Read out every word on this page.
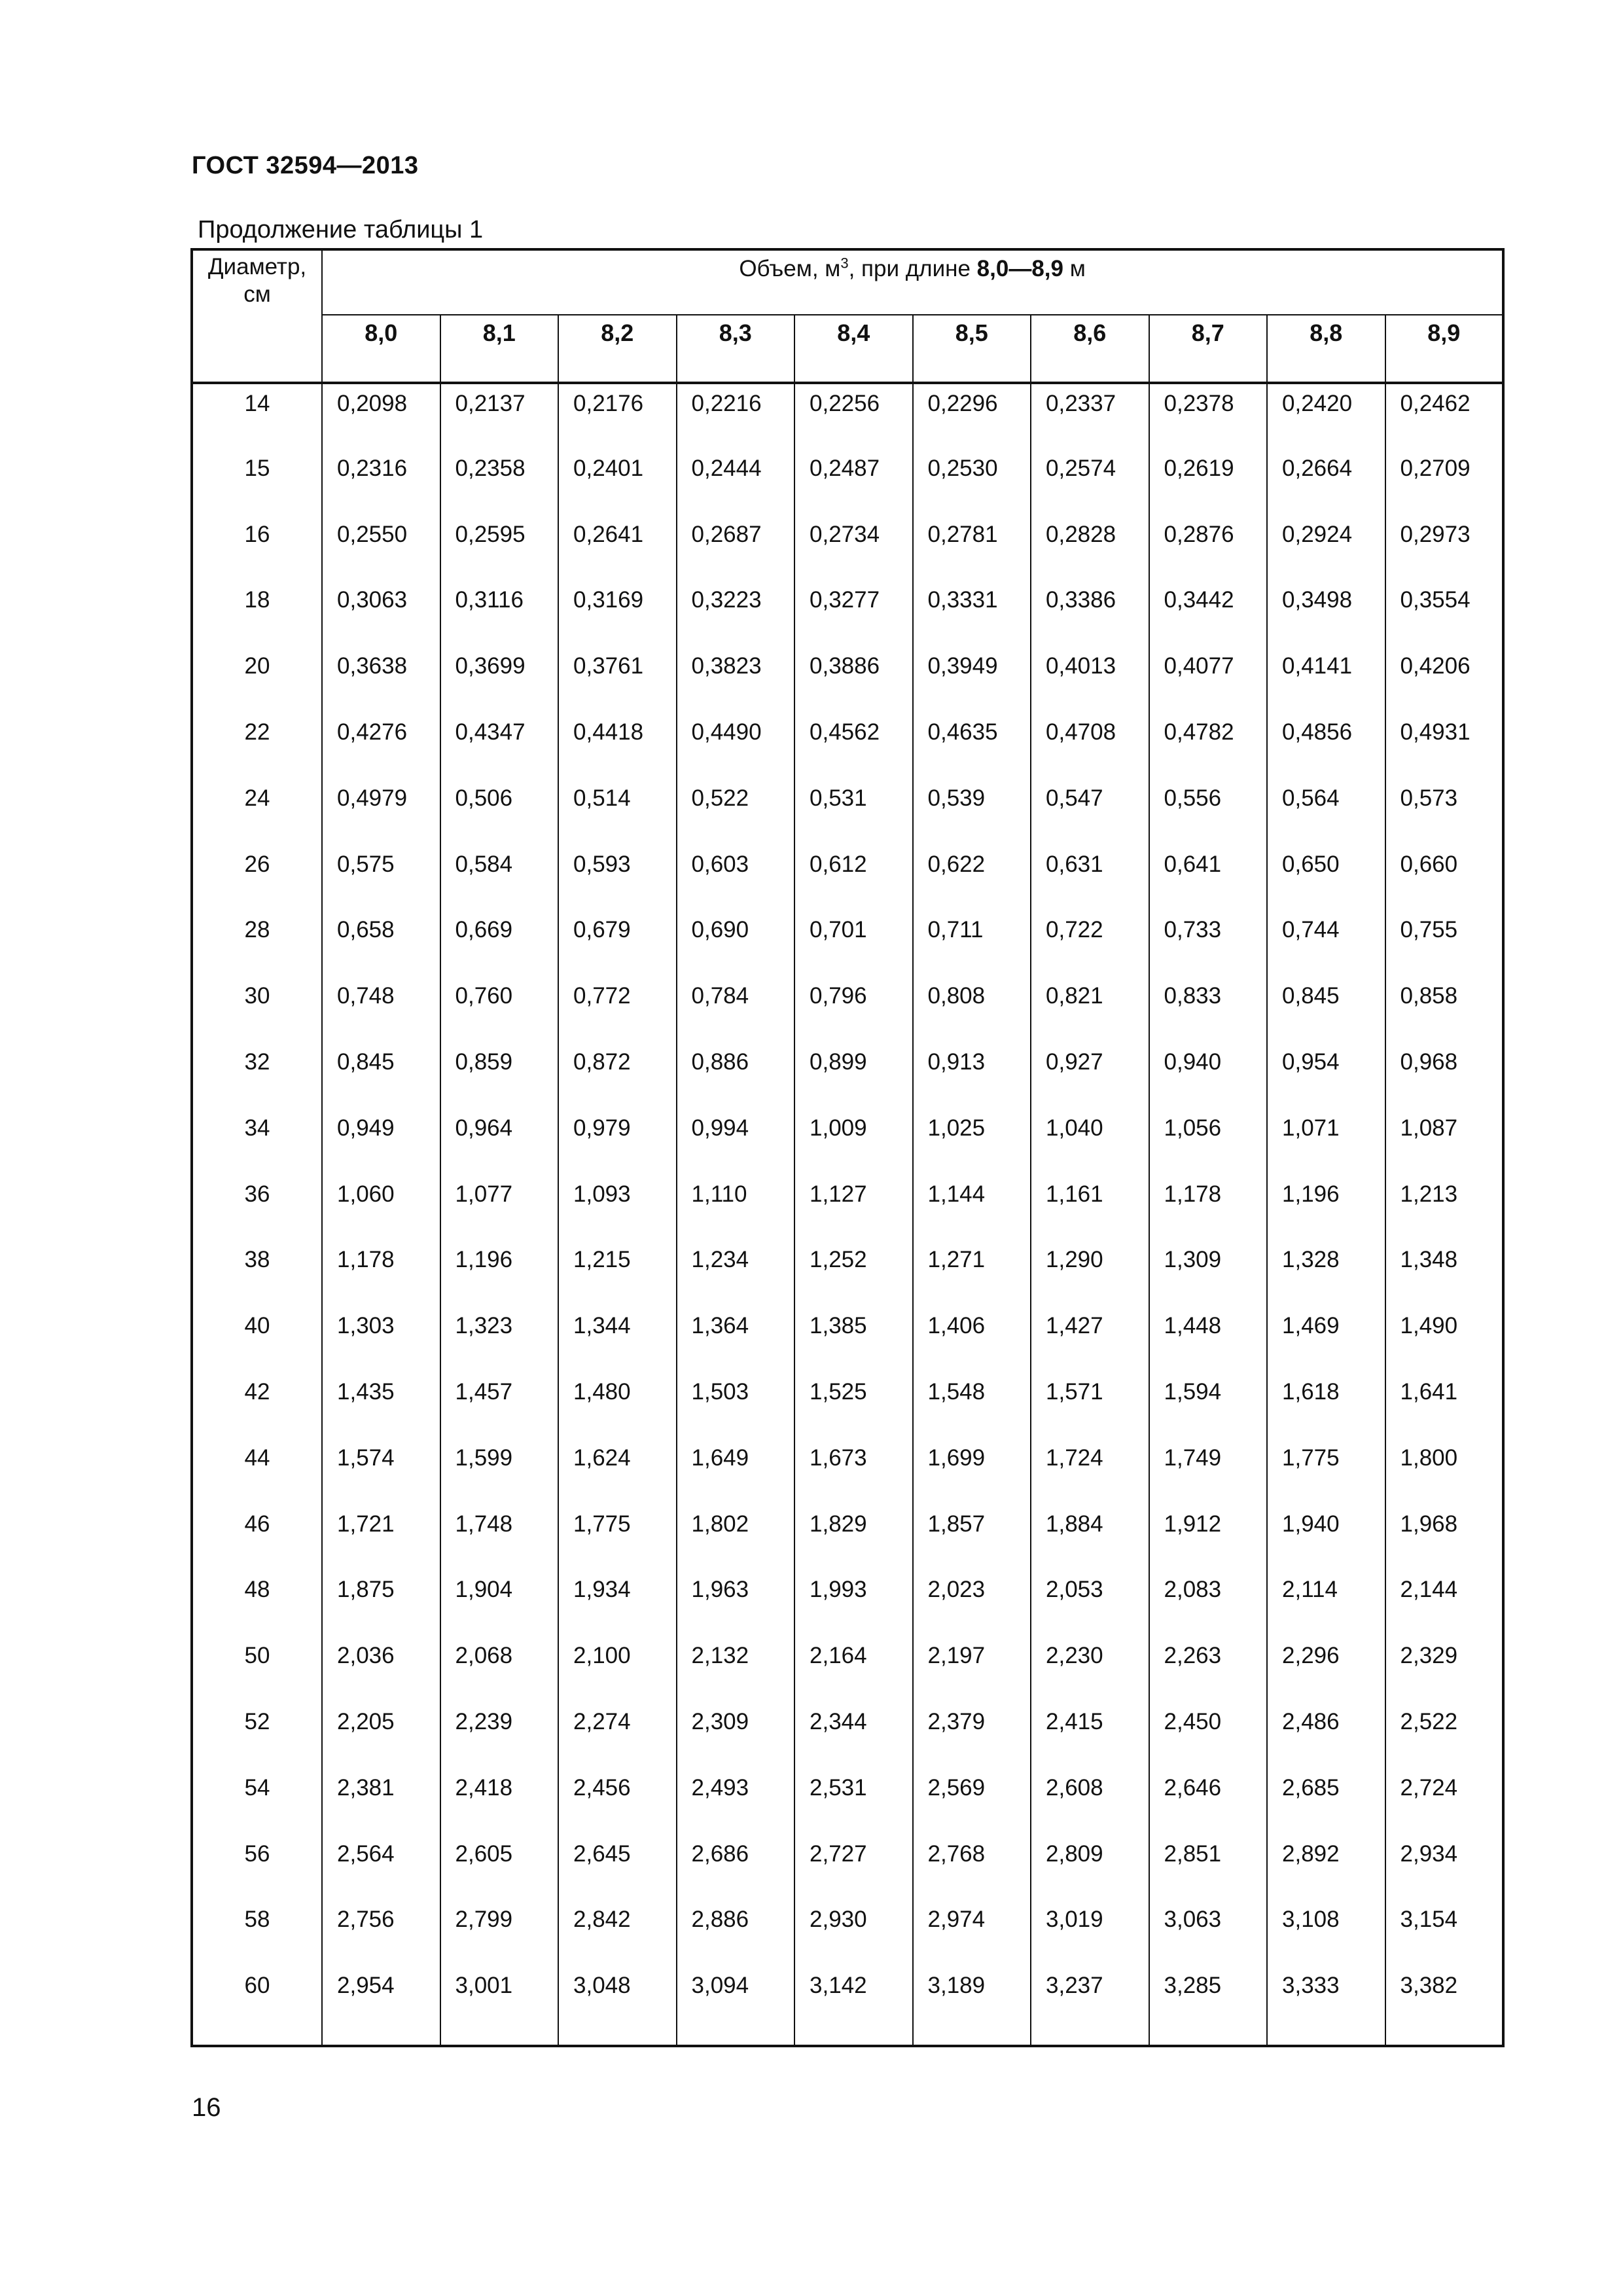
ГОСТ 32594—2013
Продолжение таблицы 1
Диаметр,
см	Объем, $м^3$, при длине 8,0—8,9 м									
	8,0	8,1	8,2	8,3	8,4	8,5	8,6	8,7	8,8	8,9
14	0,2098	0,2137	0,2176	0,2216	0,2256	0,2296	0,2337	0,2378	0,2420	0,2462
15	0,2316	0,2358	0,2401	0,2444	0,2487	0,2530	0,2574	0,2619	0,2664	0,2709
16	0,2550	0,2595	0,2641	0,2687	0,2734	0,2781	0,2828	0,2876	0,2924	0,2973
18	0,3063	0,3116	0,3169	0,3223	0,3277	0,3331	0,3386	0,3442	0,3498	0,3554
20	0,3638	0,3699	0,3761	0,3823	0,3886	0,3949	0,4013	0,4077	0,4141	0,4206
22	0,4276	0,4347	0,4418	0,4490	0,4562	0,4635	0,4708	0,4782	0,4856	0,4931
24	0,4979	0,506	0,514	0,522	0,531	0,539	0,547	0,556	0,564	0,573
26	0,575	0,584	0,593	0,603	0,612	0,622	0,631	0,641	0,650	0,660
28	0,658	0,669	0,679	0,690	0,701	0,711	0,722	0,733	0,744	0,755
30	0,748	0,760	0,772	0,784	0,796	0,808	0,821	0,833	0,845	0,858
32	0,845	0,859	0,872	0,886	0,899	0,913	0,927	0,940	0,954	0,968
34	0,949	0,964	0,979	0,994	1,009	1,025	1,040	1,056	1,071	1,087
36	1,060	1,077	1,093	1,110	1,127	1,144	1,161	1,178	1,196	1,213
38	1,178	1,196	1,215	1,234	1,252	1,271	1,290	1,309	1,328	1,348
40	1,303	1,323	1,344	1,364	1,385	1,406	1,427	1,448	1,469	1,490
42	1,435	1,457	1,480	1,503	1,525	1,548	1,571	1,594	1,618	1,641
44	1,574	1,599	1,624	1,649	1,673	1,699	1,724	1,749	1,775	1,800
46	1,721	1,748	1,775	1,802	1,829	1,857	1,884	1,912	1,940	1,968
48	1,875	1,904	1,934	1,963	1,993	2,023	2,053	2,083	2,114	2,144
50	2,036	2,068	2,100	2,132	2,164	2,197	2,230	2,263	2,296	2,329
52	2,205	2,239	2,274	2,309	2,344	2,379	2,415	2,450	2,486	2,522
54	2,381	2,418	2,456	2,493	2,531	2,569	2,608	2,646	2,685	2,724
56	2,564	2,605	2,645	2,686	2,727	2,768	2,809	2,851	2,892	2,934
58	2,756	2,799	2,842	2,886	2,930	2,974	3,019	3,063	3,108	3,154
60	2,954	3,001	3,048	3,094	3,142	3,189	3,237	3,285	3,333	3,382
16
